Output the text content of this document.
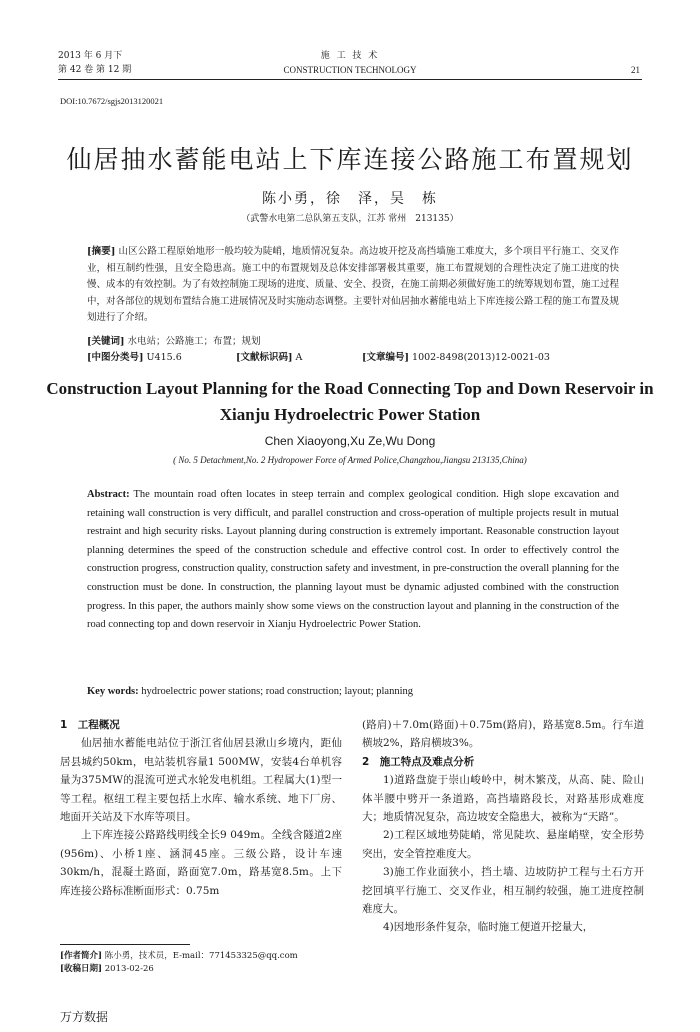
2013 年 6 月下
第 42 卷 第 12 期
施 工 技 术
CONSTRUCTION TECHNOLOGY	21
DOI:10.7672/sgjs2013120021
仙居抽水蓄能电站上下库连接公路施工布置规划
陈小勇，徐　泽，吴　栋
（武警水电第二总队第五支队，江苏 常州　213135）
[摘要] 山区公路工程原始地形一般均较为陡峭，地质情况复杂。高边坡开挖及高挡墙施工难度大，多个项目平行施工、交叉作业，相互制约性强，且安全隐患高。施工中的布置规划及总体安排部署极其重要，施工布置规划的合理性决定了施工进度的快慢、成本的有效控制。为了有效控制施工现场的进度、质量、安全、投资，在施工前期必须做好施工的统筹规划布置，施工过程中，对各部位的规划布置结合施工进展情况及时实施动态调整。主要针对仙居抽水蓄能电站上下库连接公路工程的施工布置及规划进行了介绍。
[关键词] 水电站；公路施工；布置；规划
[中图分类号] U415.6	[文献标识码] A	[文章编号] 1002-8498(2013)12-0021-03
Construction Layout Planning for the Road Connecting Top and Down Reservoir in Xianju Hydroelectric Power Station
Chen Xiaoyong,Xu Ze,Wu Dong
( No. 5 Detachment,No. 2 Hydropower Force of Armed Police,Changzhou,Jiangsu 213135,China)
Abstract: The mountain road often locates in steep terrain and complex geological condition. High slope excavation and retaining wall construction is very difficult, and parallel construction and cross-operation of multiple projects result in mutual restraint and high security risks. Layout planning during construction is extremely important. Reasonable construction layout planning determines the speed of the construction schedule and effective control cost. In order to effectively control the construction progress, construction quality, construction safety and investment, in pre-construction the overall planning for the construction must be done. In construction, the planning layout must be dynamic adjusted combined with the construction progress. In this paper, the authors mainly show some views on the construction layout and planning in the construction of the road connecting top and down reservoir in Xianju Hydroelectric Power Station.
Key words: hydroelectric power stations; road construction; layout; planning
1　工程概况
仙居抽水蓄能电站位于浙江省仙居县湫山乡境内，距仙居县城约50km，电站装机容量1 500MW，安装4台单机容量为375MW的混流可逆式水轮发电机组。工程属大(1)型一等工程。枢纽工程主要包括上水库、输水系统、地下厂房、地面开关站及下水库等项目。
上下库连接公路路线明线全长9 049m。全线含隧道2座(956m)、小桥1座、涵洞45座。三级公路，设计车速30km/h，混凝土路面，路面宽7.0m，路基宽8.5m。上下库连接公路标准断面形式：0.75m
(路肩)＋7.0m(路面)＋0.75m(路肩)，路基宽8.5m。行车道横坡2%，路肩横坡3%。
2　施工特点及难点分析
1)道路盘旋于崇山峻岭中，树木繁茂，从高、陡、险山体半腰中劈开一条道路，高挡墙路段长，对路基形成难度大；地质情况复杂，高边坡安全隐患大，被称为“天路”。
2)工程区域地势陡峭，常见陡坎、悬崖峭壁，安全形势突出，安全管控难度大。
3)施工作业面狭小，挡土墙、边坡防护工程与土石方开挖回填平行施工、交叉作业，相互制约较强，施工进度控制难度大。
4)因地形条件复杂，临时施工便道开挖量大，
[作者简介] 陈小勇，技术员，E-mail：771453325@qq.com
[收稿日期] 2013-02-26
万方数据
